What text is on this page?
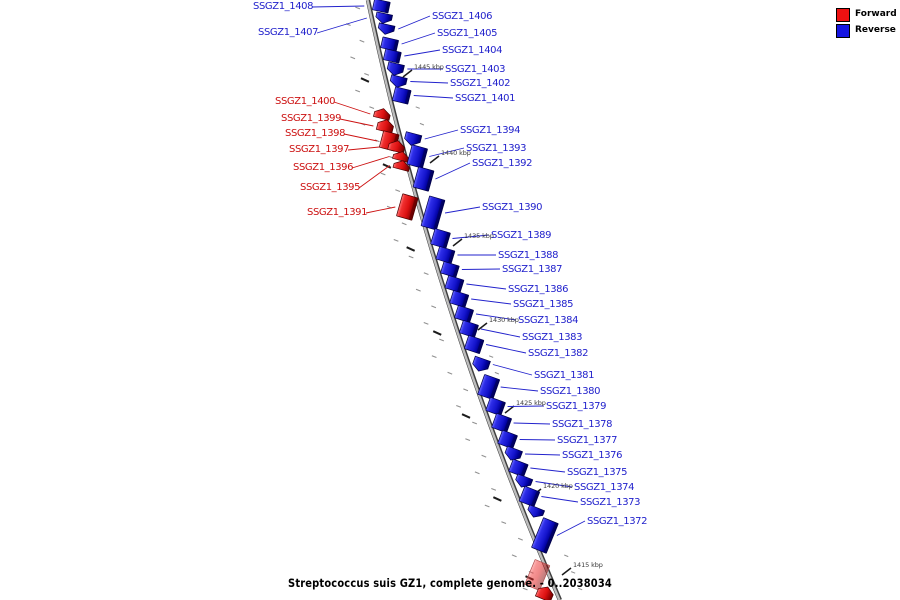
1445 kbp
1440 kbp
1435 kbp
1430 kbp
1425 kbp
1420 kbp
1415 kbp
SSGZ1_1408
SSGZ1_1407
SSGZ1_1406
SSGZ1_1405
SSGZ1_1404
SSGZ1_1403
SSGZ1_1402
SSGZ1_1401
SSGZ1_1400
SSGZ1_1399
SSGZ1_1398
SSGZ1_1397
SSGZ1_1396
SSGZ1_1395
SSGZ1_1394
SSGZ1_1393
SSGZ1_1392
SSGZ1_1391	SSGZ1_1390
SSGZ1_1389
SSGZ1_1388
SSGZ1_1387
SSGZ1_1386
SSGZ1_1385
SSGZ1_1384
SSGZ1_1383
SSGZ1_1382
SSGZ1_1381
SSGZ1_1380
SSGZ1_1379
SSGZ1_1378
SSGZ1_1377
SSGZ1_1376
SSGZ1_1375
SSGZ1_1374
SSGZ1_1373
SSGZ1_1372
Forward
Reverse
Streptococcus suis GZ1, complete genome. - 0..2038034
